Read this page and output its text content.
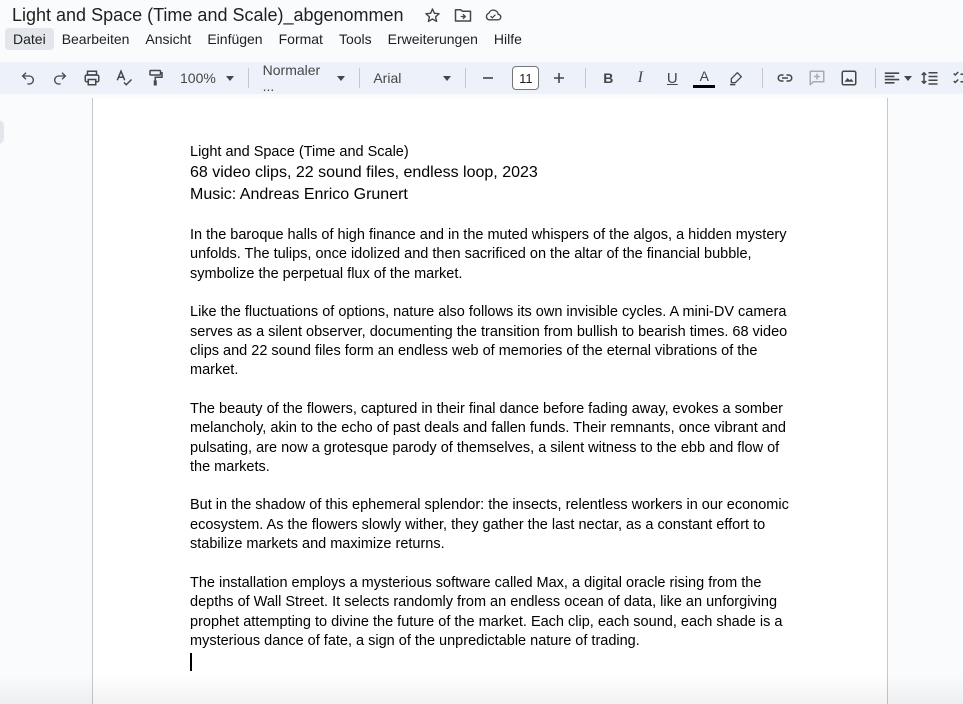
Light and Space (Time and Scale)_abgenommen
Datei	Bearbeiten	Ansicht	Einfügen	Format	Tools	Erweiterungen	Hilfe
100%	Normaler ...	Arial	11	B	I	U	A
Light and Space (Time and Scale)
68 video clips, 22 sound files, endless loop, 2023
Music: Andreas Enrico Grunert
In the baroque halls of high finance and in the muted whispers of the algos, a hidden mystery unfolds. The tulips, once idolized and then sacrificed on the altar of the financial bubble, symbolize the perpetual flux of the market.
Like the fluctuations of options, nature also follows its own invisible cycles. A mini-DV camera serves as a silent observer, documenting the transition from bullish to bearish times. 68 video clips and 22 sound files form an endless web of memories of the eternal vibrations of the market.
The beauty of the flowers, captured in their final dance before fading away, evokes a somber melancholy, akin to the echo of past deals and fallen funds. Their remnants, once vibrant and pulsating, are now a grotesque parody of themselves, a silent witness to the ebb and flow of the markets.
But in the shadow of this ephemeral splendor: the insects, relentless workers in our economic ecosystem. As the flowers slowly wither, they gather the last nectar, as a constant effort to stabilize markets and maximize returns.
The installation employs a mysterious software called Max, a digital oracle rising from the depths of Wall Street. It selects randomly from an endless ocean of data, like an unforgiving prophet attempting to divine the future of the market. Each clip, each sound, each shade is a mysterious dance of fate, a sign of the unpredictable nature of trading.
